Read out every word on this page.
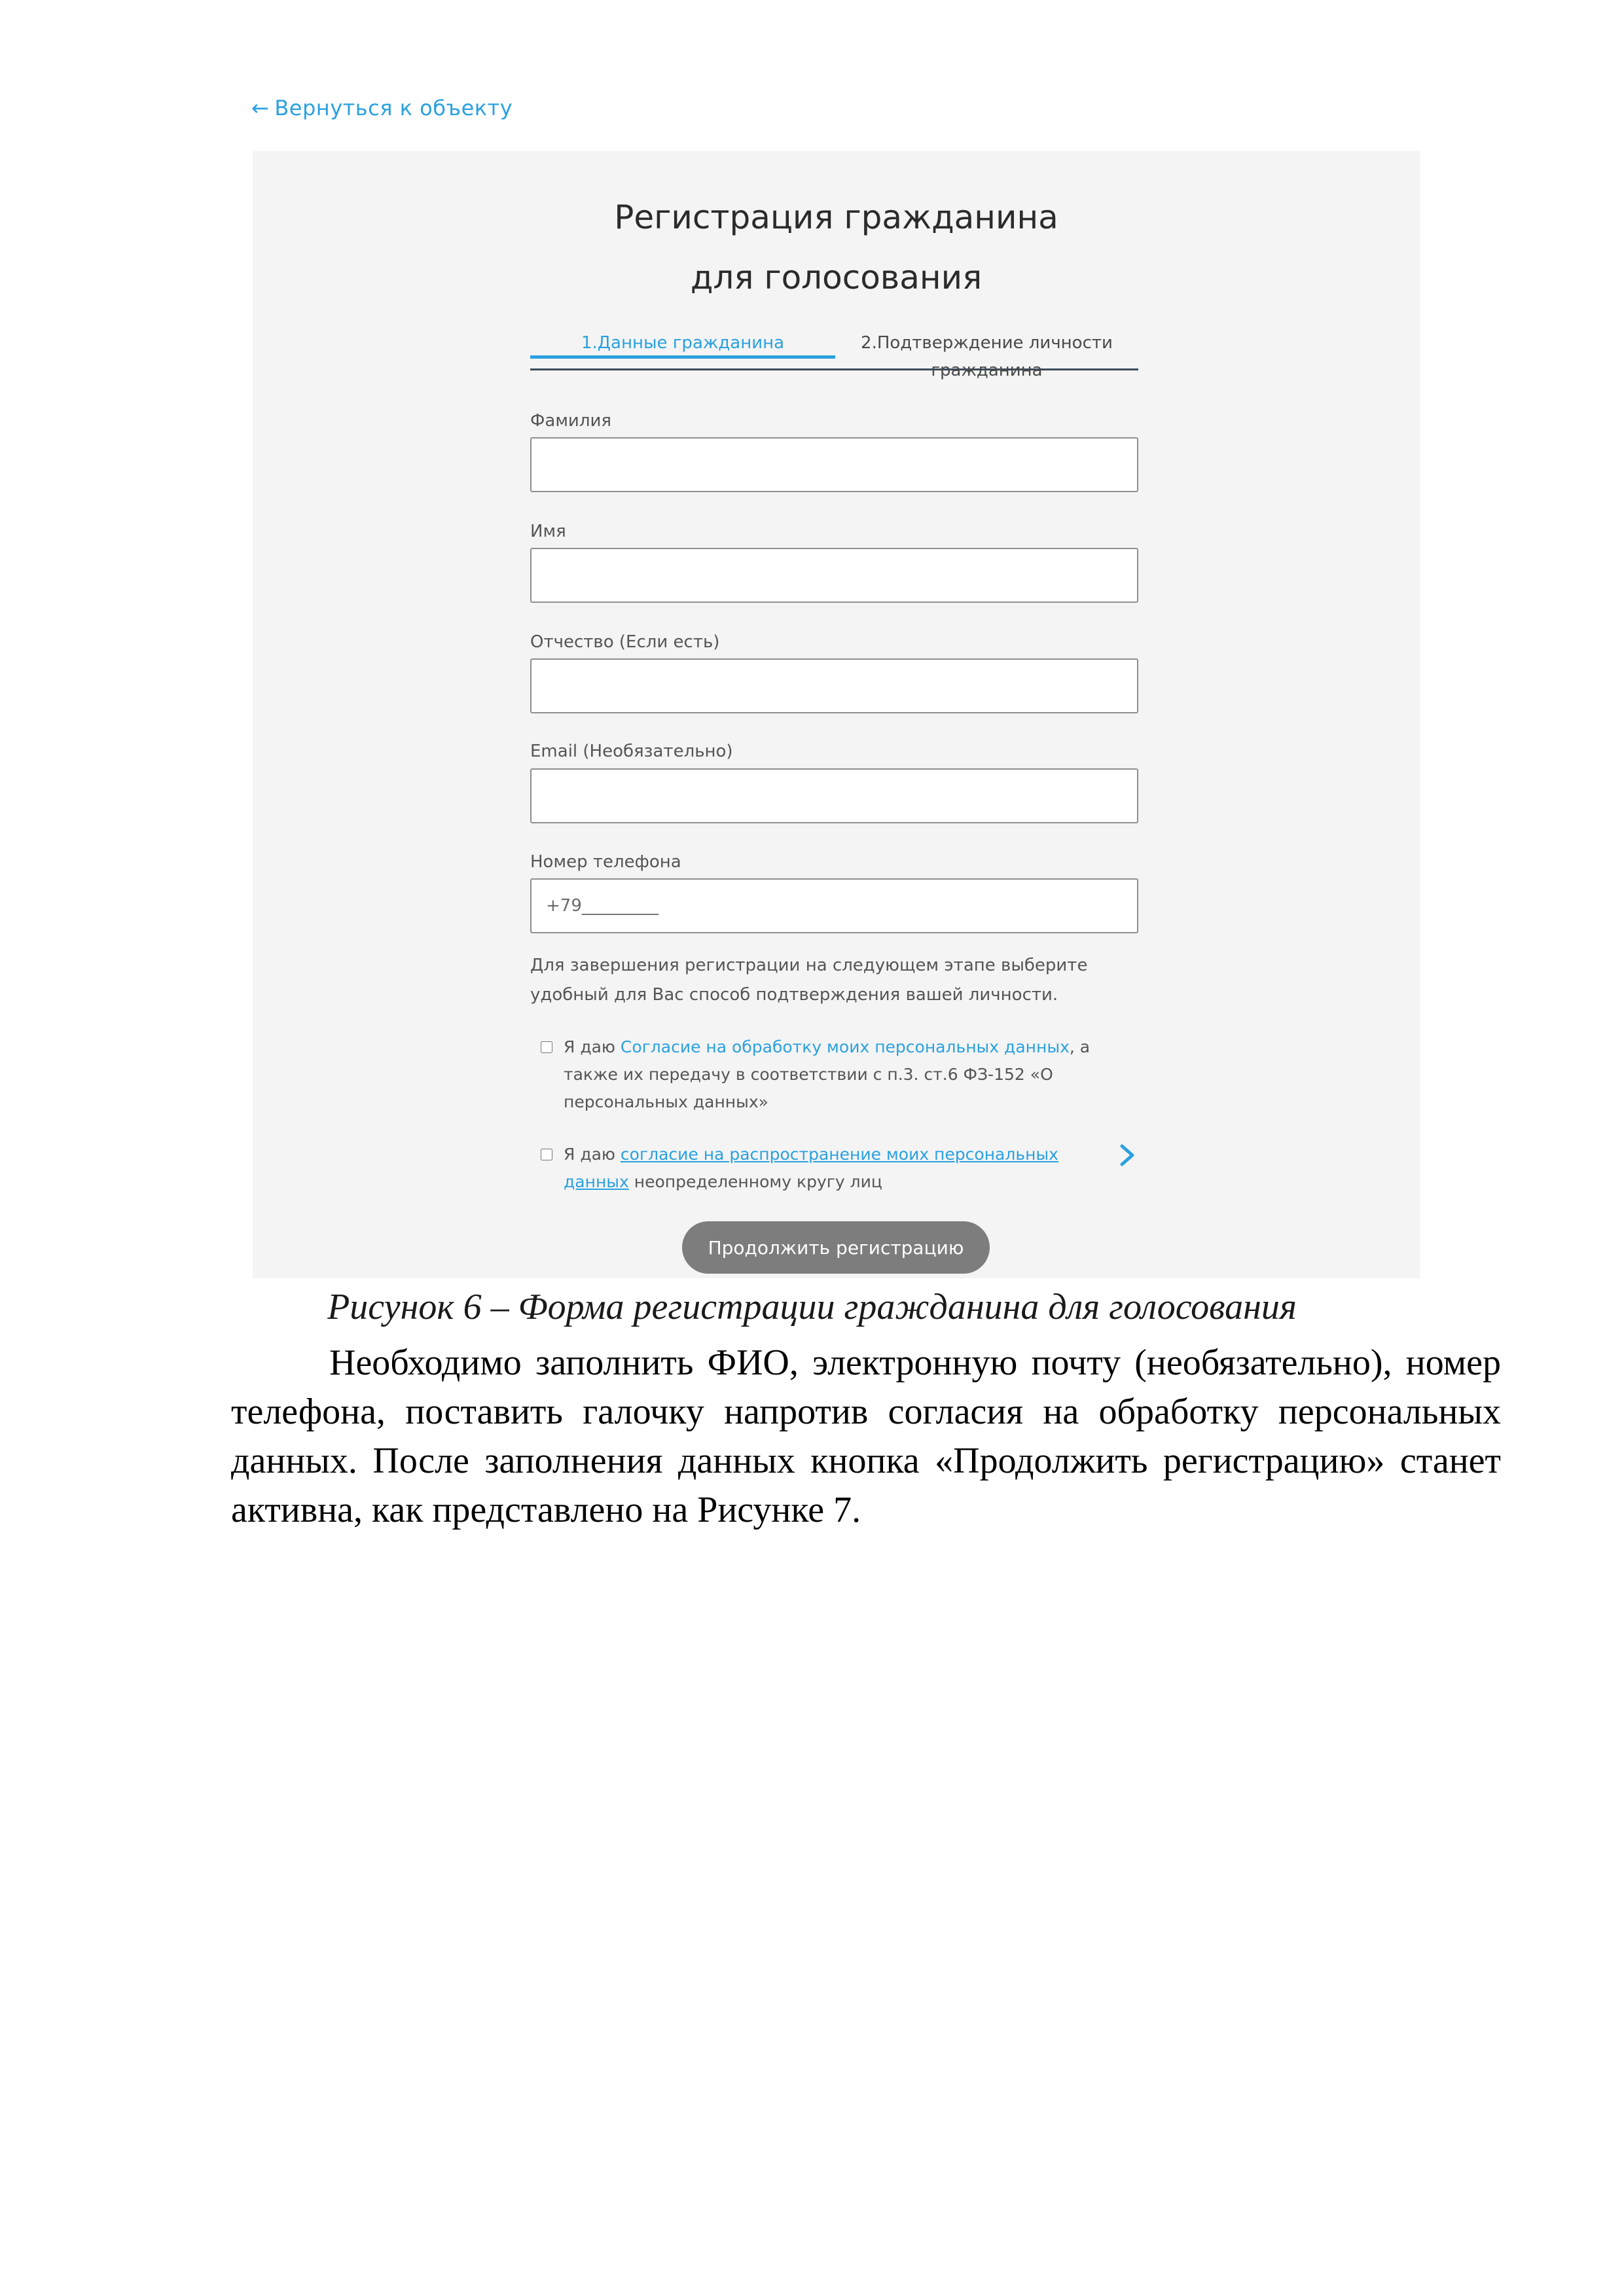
← Вернуться к объекту
Регистрация гражданина
для голосования
1.Данные гражданина	2.Подтверждение личности
гражданина
Фамилия
Имя
Отчество (Если есть)
Email (Необязательно)
Номер телефона
+79_________
Для завершения регистрации на следующем этапе выберите удобный для Вас способ подтверждения вашей личности.
Я даю Согласие на обработку моих персональных данных, а также их передачу в соответствии с п.3. ст.6 ФЗ-152 «О персональных данных»
Я даю согласие на распространение моих персональных данных неопределенному кругу лиц
Продолжить регистрацию
Рисунок 6 – Форма регистрации гражданина для голосования
Необходимо заполнить ФИО, электронную почту (необязательно), номер телефона, поставить галочку напротив согласия на обработку персональных данных. После заполнения данных кнопка «Продолжить регистрацию» станет активна, как представлено на Рисунке 7.
